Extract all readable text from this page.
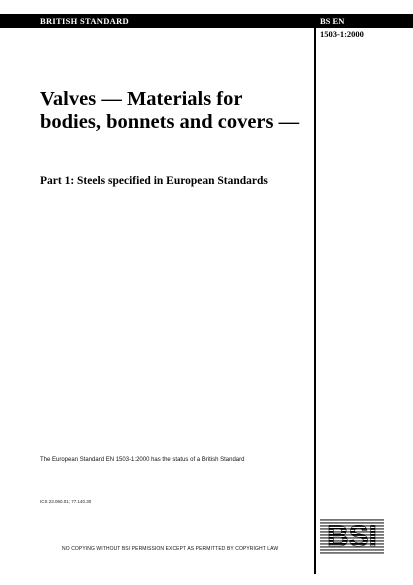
BRITISH STANDARD	BS EN
1503-1:2000
Valves — Materials for bodies, bonnets and covers —
Part 1: Steels specified in European Standards
The European Standard EN 1503-1:2000 has the status of a British Standard
ICS 23.060.01; 77.140.30
NO COPYING WITHOUT BSI PERMISSION EXCEPT AS PERMITTED BY COPYRIGHT LAW BSI
